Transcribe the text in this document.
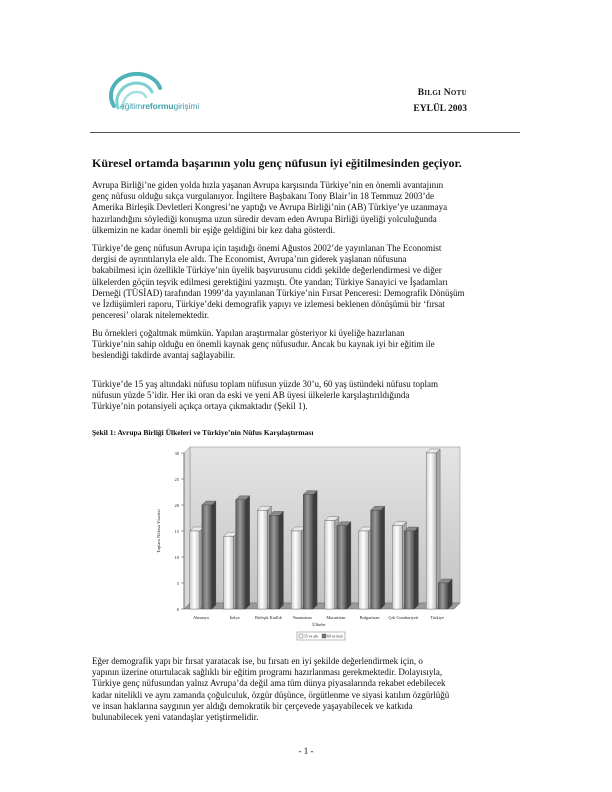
eğitimreformugirişimi
Bilgi Notu
EYLÜL 2003
Küresel ortamda başarının yolu genç nüfusun iyi eğitilmesinden geçiyor.
Avrupa Birliği’ne giden yolda hızla yaşanan Avrupa karşısında Türkiye’nin en önemli avantajının
genç nüfusu olduğu sıkça vurgulanıyor. İngiltere Başbakanı Tony Blair’in 18 Temmuz 2003’de
Amerika Birleşik Devletleri Kongresi’ne yaptığı ve Avrupa Birliği’nin (AB) Türkiye’ye uzanmaya
hazırlandığını söylediği konuşma uzun süredir devam eden Avrupa Birliği üyeliği yolculuğunda
ülkemizin ne kadar önemli bir eşiğe geldiğini bir kez daha gösterdi.
Türkiye’de genç nüfusun Avrupa için taşıdığı önemi Ağustos 2002’de yayınlanan The Economist
dergisi de ayrıntılarıyla ele aldı. The Economist, Avrupa’nın giderek yaşlanan nüfusuna
bakabilmesi için özellikle Türkiye’nin üyelik başvurusunu ciddi şekilde değerlendirmesi ve diğer
ülkelerden göçün teşvik edilmesi gerektiğini yazmıştı. Öte yandan; Türkiye Sanayici ve İşadamları
Derneği (TÜSİAD) tarafından 1999’da yayınlanan Türkiye’nin Fırsat Penceresi: Demografik Dönüşüm
ve İzdüşümleri raporu, Türkiye’deki demografik yapıyı ve izlemesi beklenen dönüşümü bir ‘fırsat
penceresi’ olarak nitelemektedir.
Bu örnekleri çoğaltmak mümkün. Yapılan araştırmalar gösteriyor ki üyeliğe hazırlanan
Türkiye’nin sahip olduğu en önemli kaynak genç nüfusudur. Ancak bu kaynak iyi bir eğitim ile
beslendiği takdirde avantaj sağlayabilir.
Türkiye’de 15 yaş altındaki nüfusu toplam nüfusun yüzde 30’u, 60 yaş üstündeki nüfusu toplam
nüfusun yüzde 5’idir. Her iki oran da eski ve yeni AB üyesi ülkelerle karşılaştırıldığında
Türkiye’nin potansiyeli açıkça ortaya çıkmaktadır (Şekil 1).
Şekil 1: Avrupa Birliği Ülkeleri ve Türkiye’nin Nüfus Karşılaştırması
0
5
10
15
20
25
30
Toplam Nüfusa Yüzdesi
Almanya	İtalya	Birleşik Krallık	Yunanistan	Macaristan	Bulgaristan Çek Cumhuriyeti	Türkiye
Ülkeler
15 ve altı 60 ve üstü
Eğer demografik yapı bir fırsat yaratacak ise, bu fırsatı en iyi şekilde değerlendirmek için, o
yapının üzerine oturtulacak sağlıklı bir eğitim programı hazırlanması gerekmektedir. Dolayısıyla,
Türkiye genç nüfusundan yalnız Avrupa’da değil ama tüm dünya piyasalarında rekabet edebilecek
kadar nitelikli ve aynı zamanda çoğulculuk, özgür düşünce, örgütlenme ve siyasi katılım özgürlüğü
ve insan haklarına saygının yer aldığı demokratik bir çerçevede yaşayabilecek ve katkıda
bulunabilecek yeni vatandaşlar yetiştirmelidir.
- 1 -
